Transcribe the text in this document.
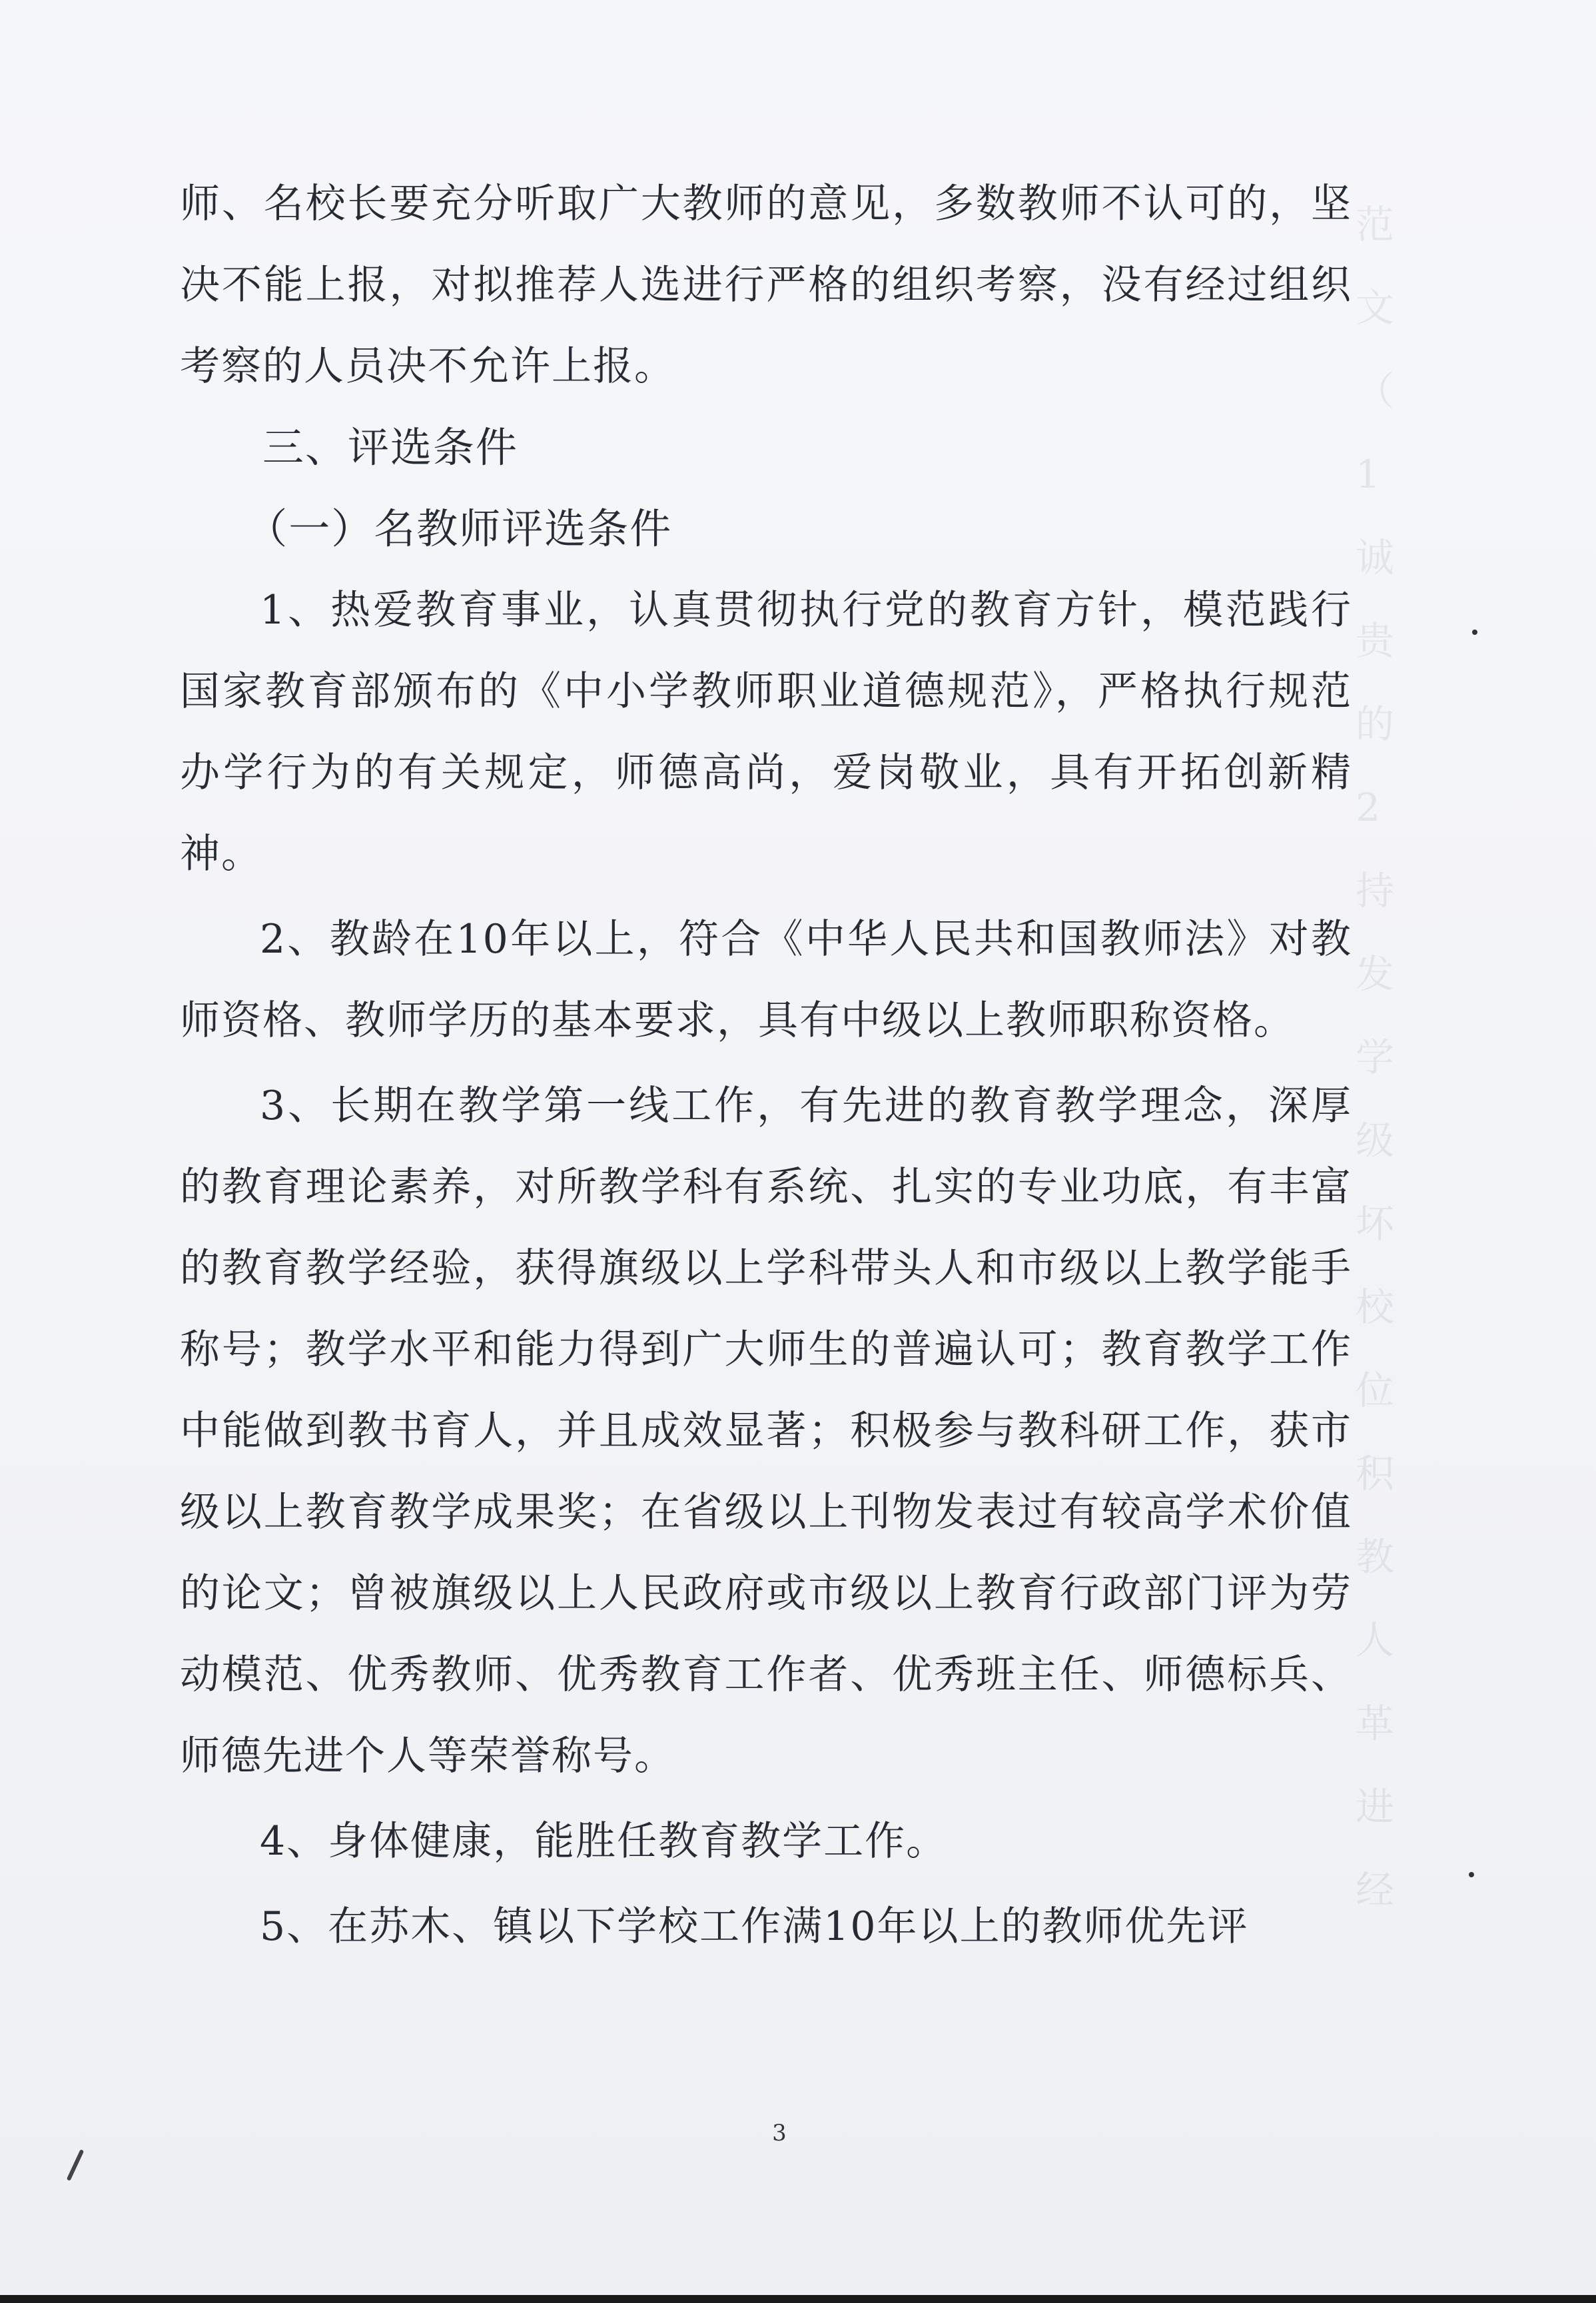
范
文
（
1
诚
贵
的
2
持
发
学
级
坏
校
位
积
教
人
革
进
经

师、名校长要充分听取广大教师的意见，多数教师不认可的，坚决不能上报，对拟推荐人选进行严格的组织考察，没有经过组织考察的人员决不允许上报。

三、评选条件

（一）名教师评选条件

1、热爱教育事业，认真贯彻执行党的教育方针，模范践行国家教育部颁布的《中小学教师职业道德规范》，严格执行规范办学行为的有关规定，师德高尚，爱岗敬业，具有开拓创新精神。

2、教龄在10年以上，符合《中华人民共和国教师法》对教师资格、教师学历的基本要求，具有中级以上教师职称资格。

3、长期在教学第一线工作，有先进的教育教学理念，深厚的教育理论素养，对所教学科有系统、扎实的专业功底，有丰富的教育教学经验，获得旗级以上学科带头人和市级以上教学能手称号；教学水平和能力得到广大师生的普遍认可；教育教学工作中能做到教书育人，并且成效显著；积极参与教科研工作，获市级以上教育教学成果奖；在省级以上刊物发表过有较高学术价值的论文；曾被旗级以上人民政府或市级以上教育行政部门评为劳动模范、优秀教师、优秀教育工作者、优秀班主任、师德标兵、师德先进个人等荣誉称号。

4、身体健康，能胜任教育教学工作。

5、在苏木、镇以下学校工作满10年以上的教师优先评

3
